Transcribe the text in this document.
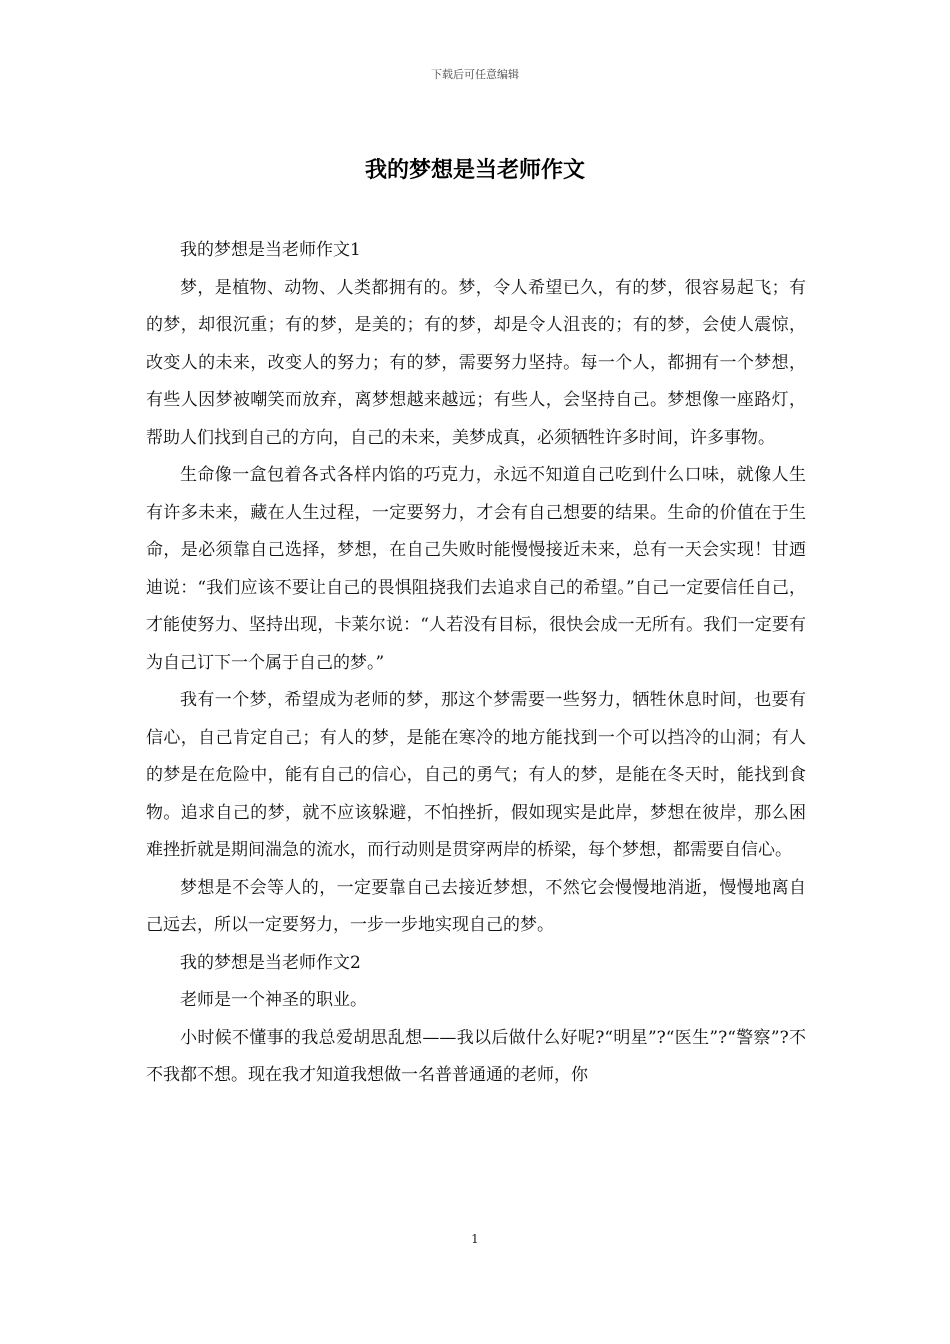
下载后可任意编辑
我的梦想是当老师作文

我的梦想是当老师作文1

梦，是植物、动物、人类都拥有的。梦，令人希望已久，有的梦，很容易起飞；有的梦，却很沉重；有的梦，是美的；有的梦，却是令人沮丧的；有的梦，会使人震惊，改变人的未来，改变人的努力；有的梦，需要努力坚持。每一个人，都拥有一个梦想，有些人因梦被嘲笑而放弃，离梦想越来越远；有些人，会坚持自己。梦想像一座路灯，帮助人们找到自己的方向，自己的未来，美梦成真，必须牺牲许多时间，许多事物。

生命像一盒包着各式各样内馅的巧克力，永远不知道自己吃到什么口味，就像人生有许多未来，藏在人生过程，一定要努力，才会有自己想要的结果。生命的价值在于生命，是必须靠自己选择，梦想，在自己失败时能慢慢接近未来，总有一天会实现！甘迺迪说：“我们应该不要让自己的畏惧阻挠我们去追求自己的希望。”自己一定要信任自己，才能使努力、坚持出现，卡莱尔说：“人若没有目标，很快会成一无所有。我们一定要有为自己订下一个属于自己的梦。”

我有一个梦，希望成为老师的梦，那这个梦需要一些努力，牺牲休息时间，也要有信心，自己肯定自己；有人的梦，是能在寒冷的地方能找到一个可以挡冷的山洞；有人的梦是在危险中，能有自己的信心，自己的勇气；有人的梦，是能在冬天时，能找到食物。追求自己的梦，就不应该躲避，不怕挫折，假如现实是此岸，梦想在彼岸，那么困难挫折就是期间湍急的流水，而行动则是贯穿两岸的桥梁，每个梦想，都需要自信心。

梦想是不会等人的，一定要靠自己去接近梦想，不然它会慢慢地消逝，慢慢地离自己远去，所以一定要努力，一步一步地实现自己的梦。

我的梦想是当老师作文2

老师是一个神圣的职业。

小时候不懂事的我总爱胡思乱想——我以后做什么好呢?“明星”?“医生”?“警察”?不不我都不想。现在我才知道我想做一名普普通通的老师，你

1
